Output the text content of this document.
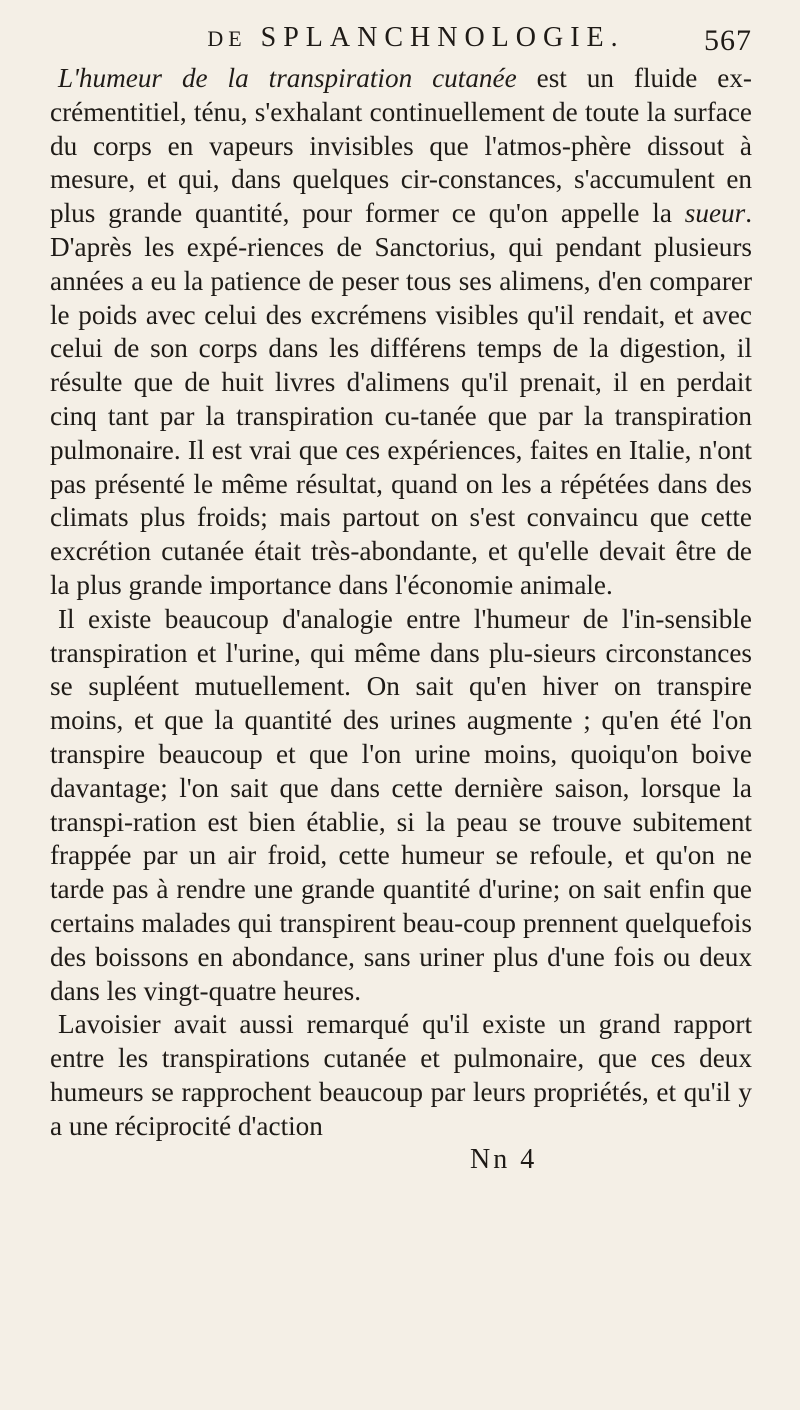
DE SPLANCHNOLOGIE.	567

L'humeur de la transpiration cutanée est un fluide ex-crémentitiel, ténu, s'exhalant continuellement de toute la surface du corps en vapeurs invisibles que l'atmos-phère dissout à mesure, et qui, dans quelques cir-constances, s'accumulent en plus grande quantité, pour former ce qu'on appelle la sueur. D'après les expé-riences de Sanctorius, qui pendant plusieurs années a eu la patience de peser tous ses alimens, d'en comparer le poids avec celui des excrémens visibles qu'il rendait, et avec celui de son corps dans les différens temps de la digestion, il résulte que de huit livres d'alimens qu'il prenait, il en perdait cinq tant par la transpiration cu-tanée que par la transpiration pulmonaire. Il est vrai que ces expériences, faites en Italie, n'ont pas présenté le même résultat, quand on les a répétées dans des climats plus froids; mais partout on s'est convaincu que cette excrétion cutanée était très-abondante, et qu'elle devait être de la plus grande importance dans l'économie animale.

Il existe beaucoup d'analogie entre l'humeur de l'in-sensible transpiration et l'urine, qui même dans plu-sieurs circonstances se supléent mutuellement. On sait qu'en hiver on transpire moins, et que la quantité des urines augmente ; qu'en été l'on transpire beaucoup et que l'on urine moins, quoiqu'on boive davantage; l'on sait que dans cette dernière saison, lorsque la transpi-ration est bien établie, si la peau se trouve subitement frappée par un air froid, cette humeur se refoule, et qu'on ne tarde pas à rendre une grande quantité d'urine; on sait enfin que certains malades qui transpirent beau-coup prennent quelquefois des boissons en abondance, sans uriner plus d'une fois ou deux dans les vingt-quatre heures.

Lavoisier avait aussi remarqué qu'il existe un grand rapport entre les transpirations cutanée et pulmonaire, que ces deux humeurs se rapprochent beaucoup par leurs propriétés, et qu'il y a une réciprocité d'action

Nn 4
